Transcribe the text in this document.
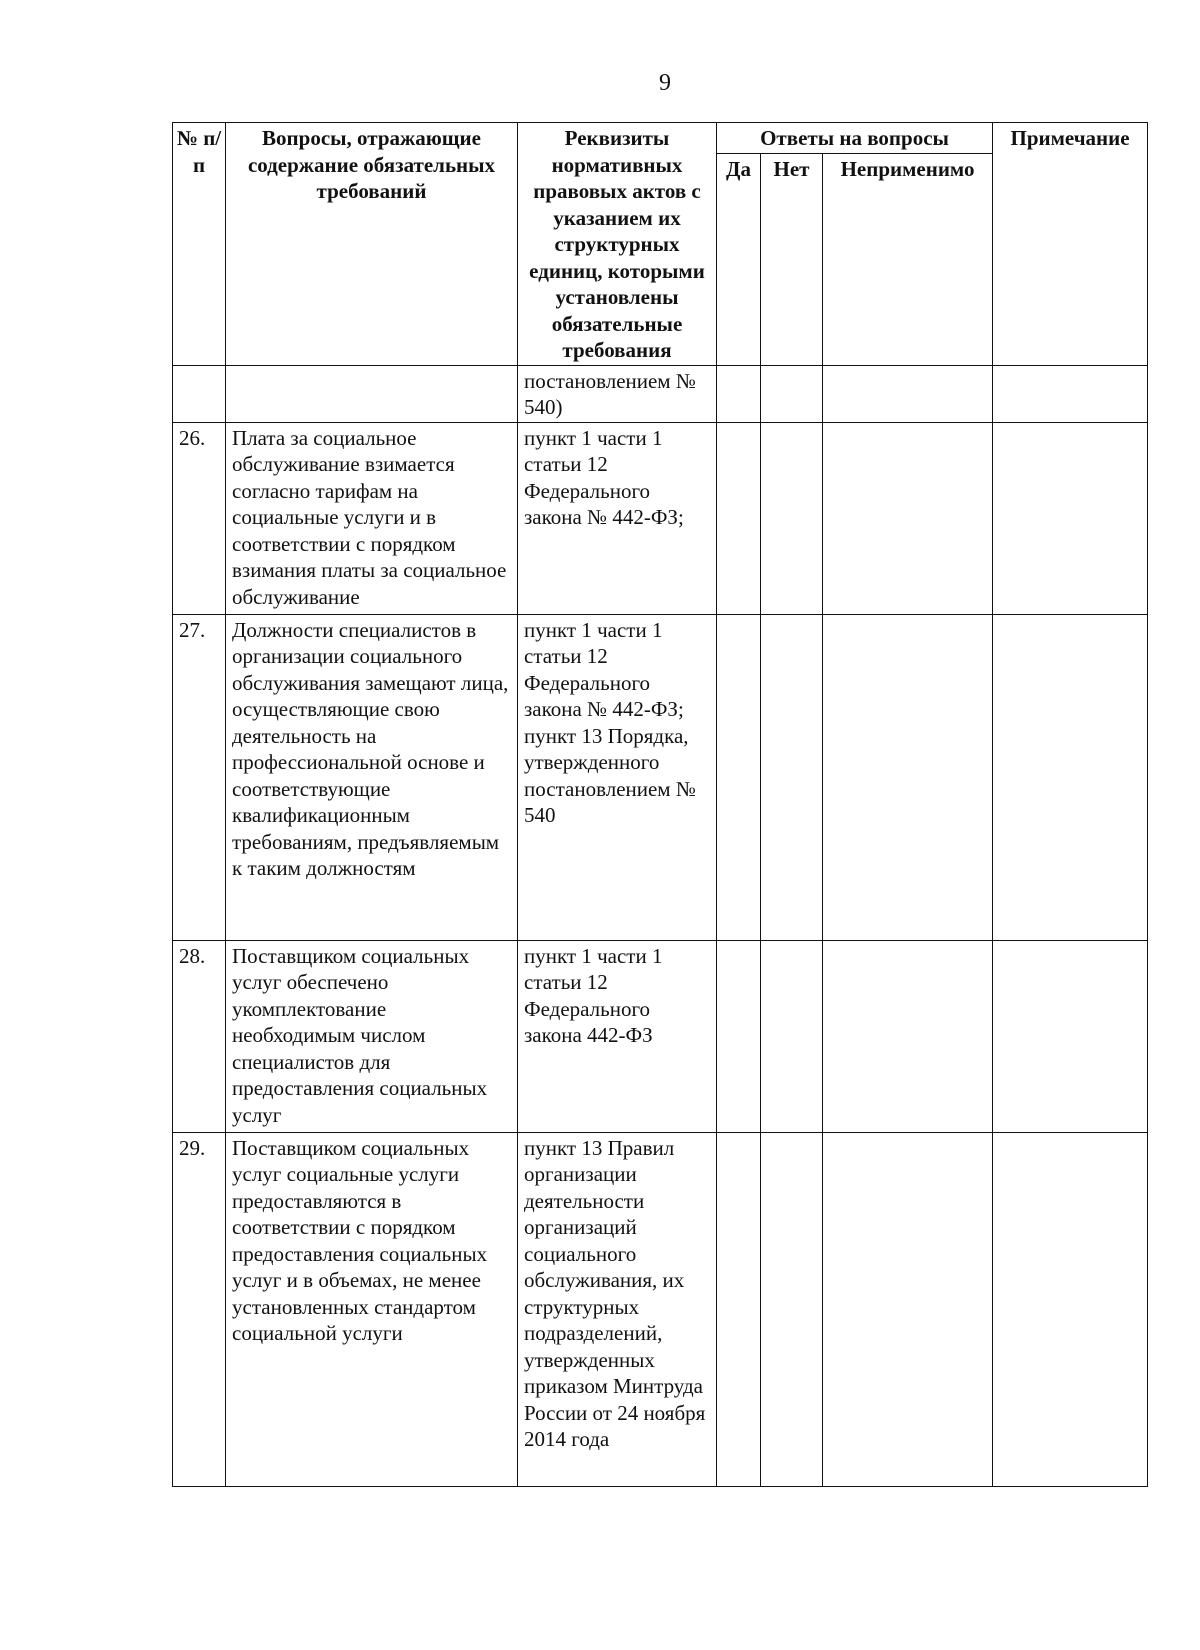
9
№ п/п	Вопросы, отражающие содержание обязательных требований	Реквизиты нормативных правовых актов с указанием их структурных единиц, которыми установлены обязательные требования	Ответы на вопросы			Примечание
			Да	Нет	Неприменимо	
		постановлением № 540)				
26.	Плата за социальное обслуживание взимается согласно тарифам на социальные услуги и в соответствии с порядком взимания платы за социальное обслуживание	пункт 1 части 1 статьи 12 Федерального закона № 442-ФЗ;				
27.	Должности специалистов в организации социального обслуживания замещают лица, осуществляющие свою деятельность на профессиональной основе и соответствующие квалификационным требованиям, предъявляемым к таким должностям	пункт 1 части 1 статьи 12 Федерального закона № 442-ФЗ; пункт 13 Порядка, утвержденного постановлением № 540				
28.	Поставщиком социальных услуг обеспечено укомплектование необходимым числом специалистов для предоставления социальных услуг	пункт 1 части 1 статьи 12 Федерального закона 442-ФЗ				
29.	Поставщиком социальных услуг социальные услуги предоставляются в соответствии с порядком предоставления социальных услуг и в объемах, не менее установленных стандартом социальной услуги	пункт 13 Правил организации деятельности организаций социального обслуживания, их структурных подразделений, утвержденных приказом Минтруда России от 24 ноября 2014 года				
